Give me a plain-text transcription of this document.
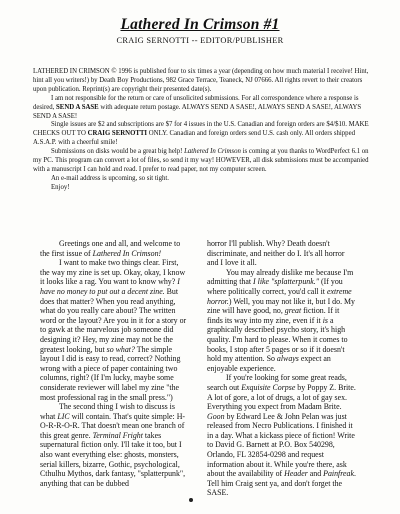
Lathered In Crimson #1
CRAIG SERNOTTI -- EDITOR/PUBLISHER

LATHERED IN CRIMSON © 1996 is published four to six times a year (depending on how much material I receive! Hint, hint all you writers!) by Death Boy Productions, 982 Grace Terrace, Teaneck, NJ 07666. All rights revert to their creators upon publication. Reprint(s) are copyright their presented date(s).

I am not responsible for the return or care of unsolicited submissions. For all correspondence where a response is desired, SEND A SASE with adequate return postage. ALWAYS SEND A SASE!, ALWAYS SEND A SASE!, ALWAYS SEND A SASE!

Single issues are $2 and subscriptions are $7 for 4 issues in the U.S. Canadian and foreign orders are $4/$10. MAKE CHECKS OUT TO CRAIG SERNOTTI ONLY. Canadian and foreign orders send U.S. cash only. All orders shipped A.S.A.P. with a cheerful smile!

Submissions on disks would be a great big help! Lathered In Crimson is coming at you thanks to WordPerfect 6.1 on my PC. This program can convert a lot of files, so send it my way! HOWEVER, all disk submissions must be accompanied with a manuscript I can hold and read. I prefer to read paper, not my computer screen.

An e-mail address is upcoming, so sit tight.

Enjoy!

Greetings one and all, and welcome to the first issue of Lathered In Crimson!

I want to make two things clear. First, the way my zine is set up. Okay, okay, I know it looks like a rag. You want to know why? I have no money to put out a decent zine. But does that matter? When you read anything, what do you really care about? The written word or the layout? Are you in it for a story or to gawk at the marvelous job someone did designing it? Hey, my zine may not be the greatest looking, but so what? The simple layout I did is easy to read, correct? Nothing wrong with a piece of paper containing two columns, right? (If I'm lucky, maybe some considerate reviewer will label my zine "the most professional rag in the small press.")

The second thing I wish to discuss is what LIC will contain. That's quite simple: H-O-R-R-O-R. That doesn't mean one branch of this great genre. Terminal Fright takes supernatural fiction only. I'll take it too, but I also want everything else: ghosts, monsters, serial killers, bizarre, Gothic, psychological, Cthulhu Mythos, dark fantasy, "splatterpunk", anything that can be dubbed

horror I'll publish. Why? Death doesn't discriminate, and neither do I. It's all horror and I love it all.

You may already dislike me because I'm admitting that I like "splatterpunk." (If you where politically correct, you'd call it extreme horror.) Well, you may not like it, but I do. My zine will have good, no, great fiction. If it finds its way into my zine, even if it is a graphically described psycho story, it's high quality. I'm hard to please. When it comes to books, I stop after 5 pages or so if it doesn't hold my attention. So always expect an enjoyable experience.

If you're looking for some great reads, search out Exquisite Corpse by Poppy Z. Brite. A lot of gore, a lot of drugs, a lot of gay sex. Everything you expect from Madam Brite. Goon by Edward Lee & John Pelan was just released from Necro Publications. I finished it in a day. What a kickass piece of fiction! Write to David G. Barnett at P.O. Box 540298, Orlando, FL 32854-0298 and request information about it. While you're there, ask about the availability of Header and Painfreak. Tell him Craig sent ya, and don't forget the SASE.
